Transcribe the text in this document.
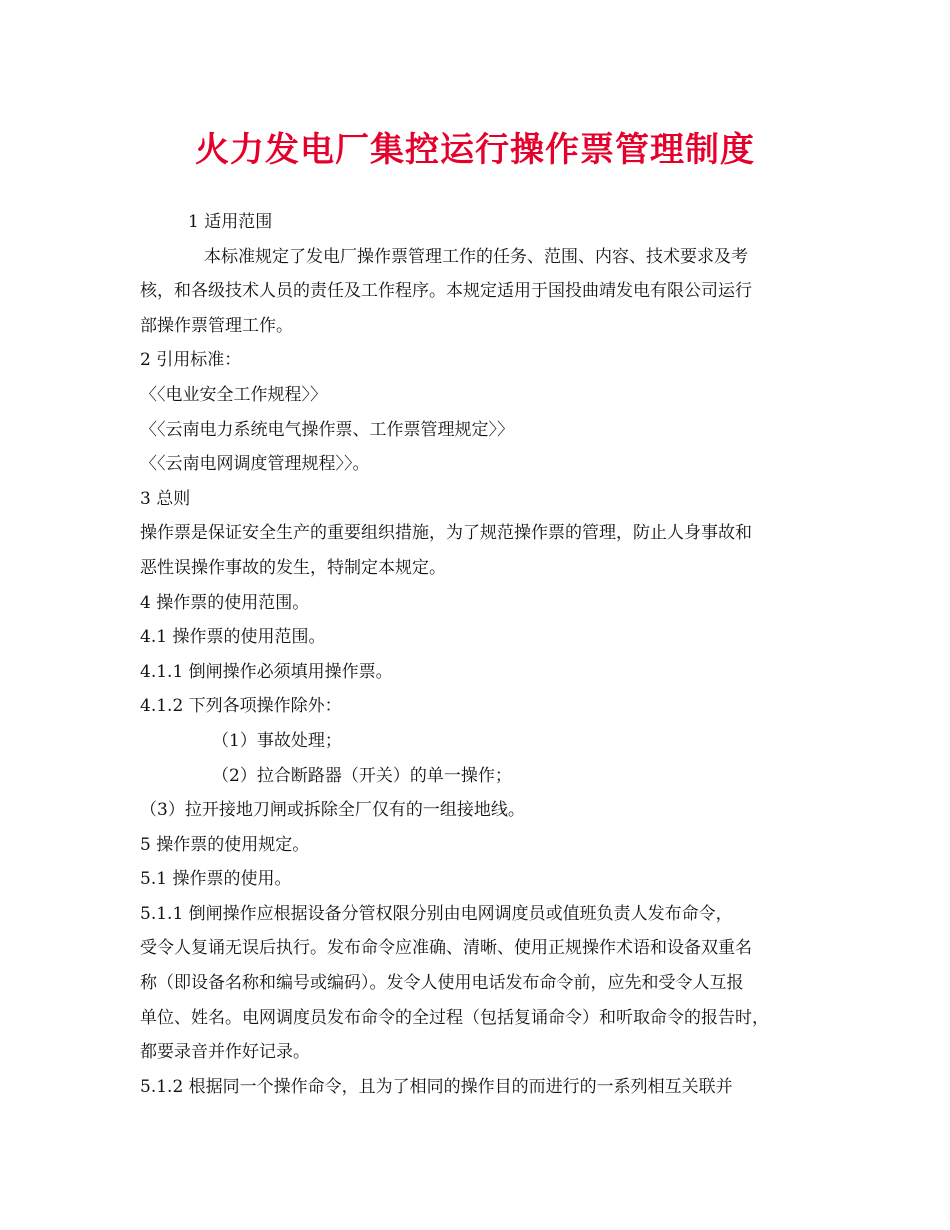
火力发电厂集控运行操作票管理制度
1 适用范围
本标准规定了发电厂操作票管理工作的任务、范围、内容、技术要求及考
核，和各级技术人员的责任及工作程序。本规定适用于国投曲靖发电有限公司运行
部操作票管理工作。
2 引用标准：
〈〈电业安全工作规程〉〉
〈〈云南电力系统电气操作票、工作票管理规定〉〉
〈〈云南电网调度管理规程〉〉。
3 总则
操作票是保证安全生产的重要组织措施，为了规范操作票的管理，防止人身事故和
恶性误操作事故的发生，特制定本规定。
4 操作票的使用范围。
4.1 操作票的使用范围。
4.1.1 倒闸操作必须填用操作票。
4.1.2 下列各项操作除外：
（1）事故处理；
（2）拉合断路器（开关）的单一操作；
（3）拉开接地刀闸或拆除全厂仅有的一组接地线。
5 操作票的使用规定。
5.1 操作票的使用。
5.1.1 倒闸操作应根据设备分管权限分别由电网调度员或值班负责人发布命令，
受令人复诵无误后执行。发布命令应准确、清晰、使用正规操作术语和设备双重名
称（即设备名称和编号或编码）。发令人使用电话发布命令前，应先和受令人互报
单位、姓名。电网调度员发布命令的全过程（包括复诵命令）和听取命令的报告时，
都要录音并作好记录。
5.1.2 根据同一个操作命令，且为了相同的操作目的而进行的一系列相互关联并
